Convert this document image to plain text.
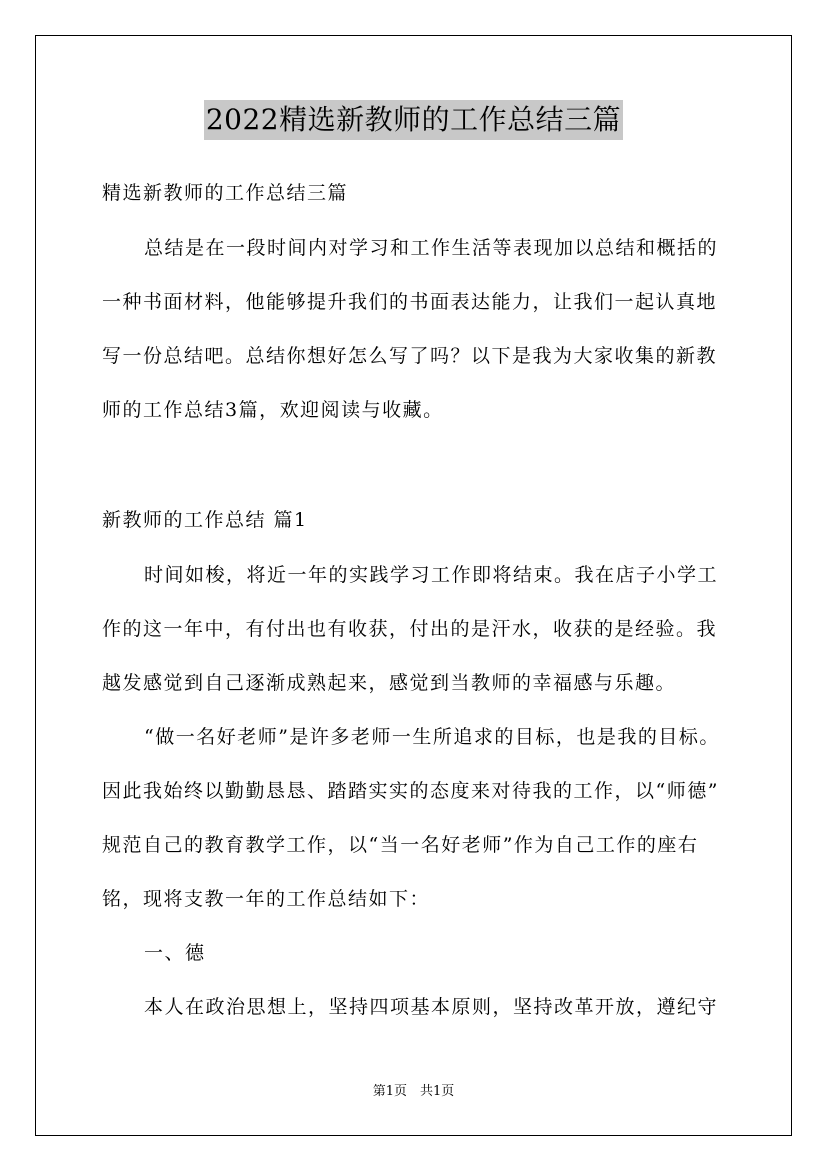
2022精选新教师的工作总结三篇
精选新教师的工作总结三篇
总结是在一段时间内对学习和工作生活等表现加以总结和概括的
一种书面材料，他能够提升我们的书面表达能力，让我们一起认真地
写一份总结吧。总结你想好怎么写了吗？以下是我为大家收集的新教
师的工作总结3篇，欢迎阅读与收藏。
新教师的工作总结 篇1
时间如梭，将近一年的实践学习工作即将结束。我在店子小学工
作的这一年中，有付出也有收获，付出的是汗水，收获的是经验。我
越发感觉到自己逐渐成熟起来，感觉到当教师的幸福感与乐趣。
“做一名好老师”是许多老师一生所追求的目标，也是我的目标。
因此我始终以勤勤恳恳、踏踏实实的态度来对待我的工作，以“师德”
规范自己的教育教学工作，以“当一名好老师”作为自己工作的座右
铭，现将支教一年的工作总结如下：
一、德
本人在政治思想上，坚持四项基本原则，坚持改革开放，遵纪守
第1页　共1页
